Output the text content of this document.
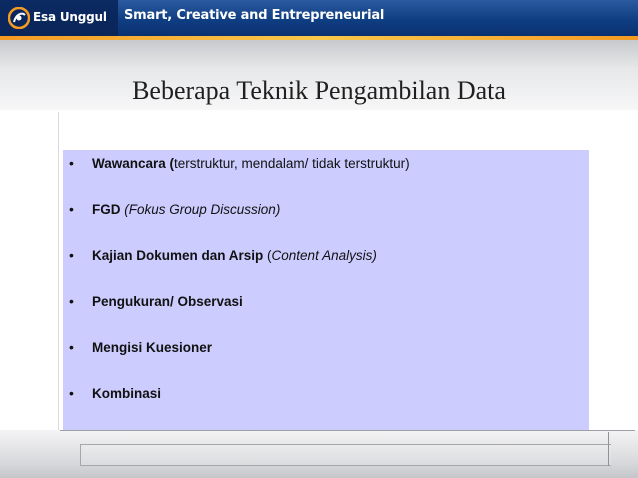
Esa Unggul Smart, Creative and Entrepreneurial
Beberapa Teknik Pengambilan Data
• Wawancara (terstruktur, mendalam/ tidak terstruktur)
• FGD (Fokus Group Discussion)
• Kajian Dokumen dan Arsip (Content Analysis)
• Pengukuran/ Observasi
• Mengisi Kuesioner
• Kombinasi
